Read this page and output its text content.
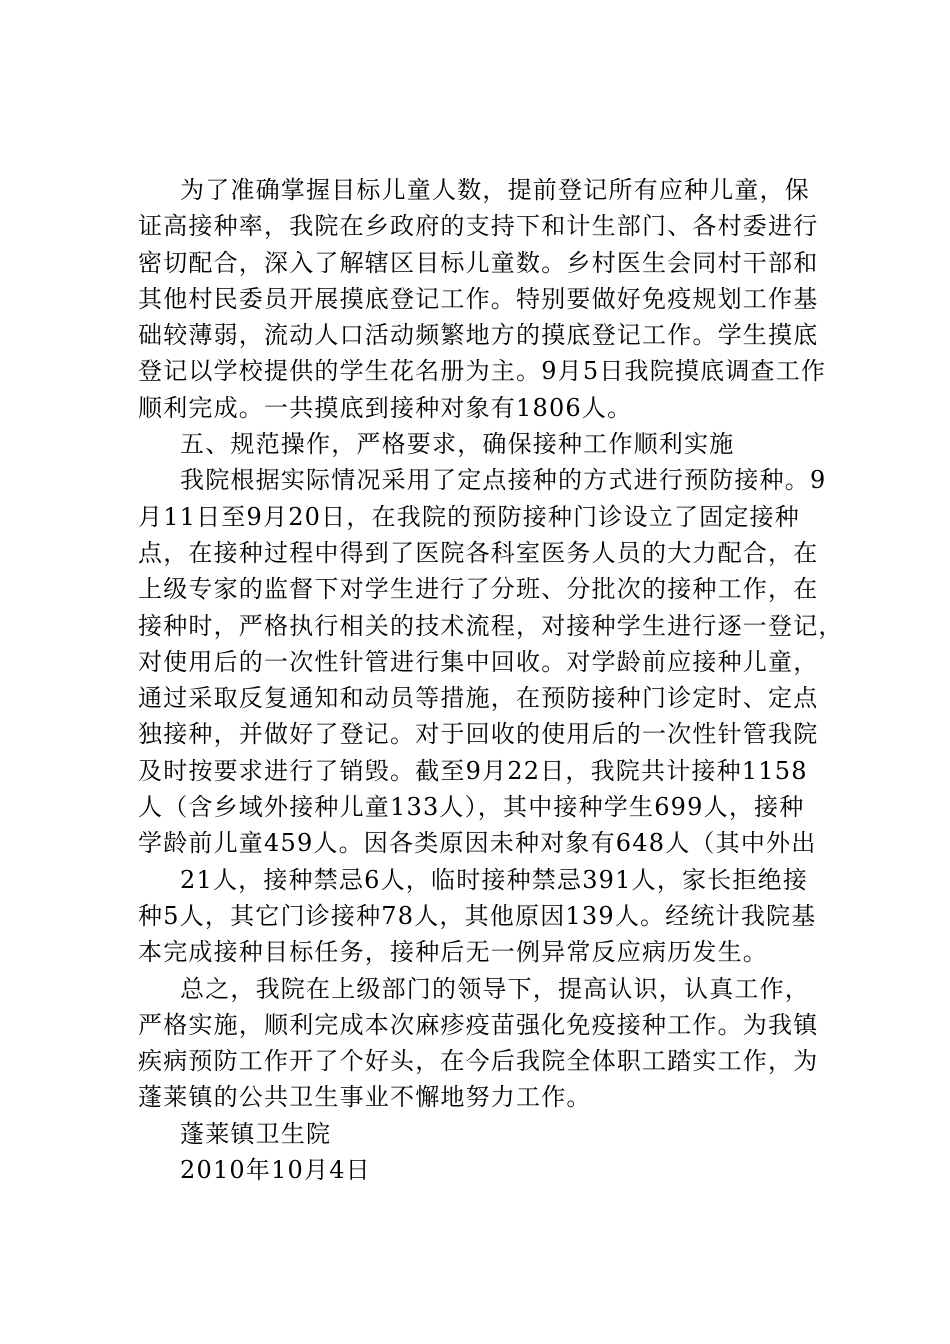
为了准确掌握目标儿童人数，提前登记所有应种儿童，保
证高接种率，我院在乡政府的支持下和计生部门、各村委进行
密切配合，深入了解辖区目标儿童数。乡村医生会同村干部和
其他村民委员开展摸底登记工作。特别要做好免疫规划工作基
础较薄弱，流动人口活动频繁地方的摸底登记工作。学生摸底
登记以学校提供的学生花名册为主。9月5日我院摸底调查工作
顺利完成。一共摸底到接种对象有1806人。
五、规范操作，严格要求，确保接种工作顺利实施
我院根据实际情况采用了定点接种的方式进行预防接种。9
月11日至9月20日，在我院的预防接种门诊设立了固定接种
点，在接种过程中得到了医院各科室医务人员的大力配合，在
上级专家的监督下对学生进行了分班、分批次的接种工作，在
接种时，严格执行相关的技术流程，对接种学生进行逐一登记，
对使用后的一次性针管进行集中回收。对学龄前应接种儿童，
通过采取反复通知和动员等措施，在预防接种门诊定时、定点
独接种，并做好了登记。对于回收的使用后的一次性针管我院
及时按要求进行了销毁。截至9月22日，我院共计接种1158
人（含乡域外接种儿童133人），其中接种学生699人，接种
学龄前儿童459人。因各类原因未种对象有648人（其中外出
21人，接种禁忌6人，临时接种禁忌391人，家长拒绝接
种5人，其它门诊接种78人，其他原因139人。经统计我院基
本完成接种目标任务，接种后无一例异常反应病历发生。
总之，我院在上级部门的领导下，提高认识，认真工作，
严格实施，顺利完成本次麻疹疫苗强化免疫接种工作。为我镇
疾病预防工作开了个好头，在今后我院全体职工踏实工作，为
蓬莱镇的公共卫生事业不懈地努力工作。
蓬莱镇卫生院
2010年10月4日
